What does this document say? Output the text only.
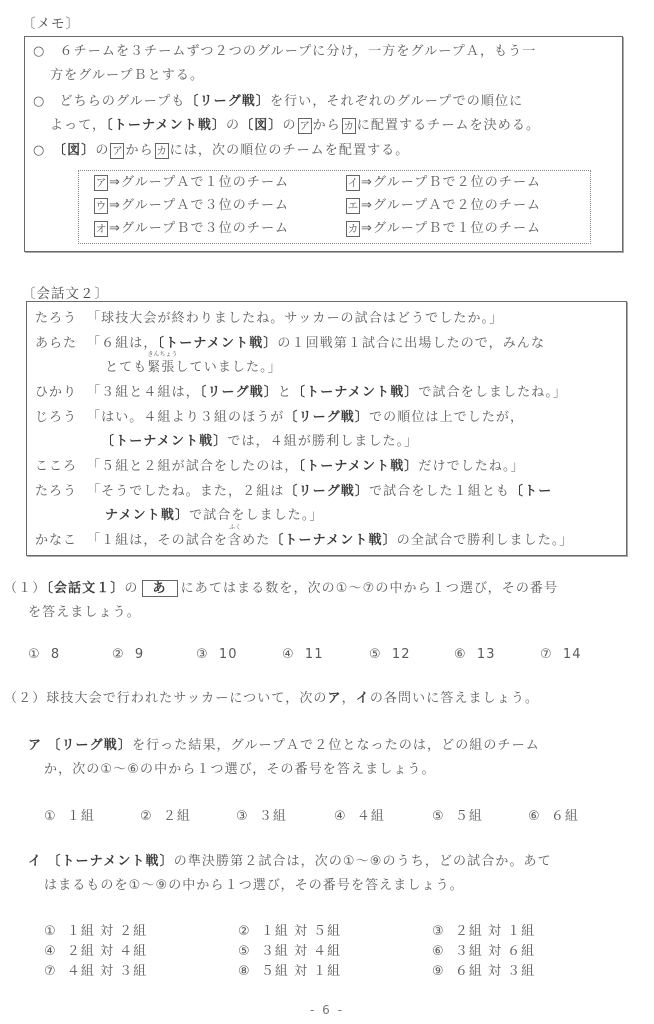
〔メモ〕
○　６チームを３チームずつ２つのグループに分け，一方をグループＡ，もう一
方をグループＢとする。
○　どちらのグループも〔リーグ戦〕を行い，それぞれのグループでの順位に
よって，〔トーナメント戦〕の〔図〕の ア から カ に配置するチームを決める。
○　〔図〕の ア から カ には，次の順位のチームを配置する。
ア ⇒グループＡで１位のチーム	イ ⇒グループＢで２位のチーム
ウ ⇒グループＡで３位のチーム	エ ⇒グループＡで２位のチーム
オ ⇒グループＢで３位のチーム	カ ⇒グループＢで１位のチーム
〔会話文２〕
たろう 「球技大会が終わりましたね。サッカーの試合はどうでしたか。」
あらた 「６組は，〔トーナメント戦〕の１回戦第１試合に出場したので，みんな
とても
きんちょう
緊張していました。」
ひかり 「３組と４組は，〔リーグ戦〕と〔トーナメント戦〕で試合をしましたね。」
じろう 「はい。４組より３組のほうが〔リーグ戦〕での順位は上でしたが，
〔トーナメント戦〕では，４組が勝利しました。」
こころ 「５組と２組が試合をしたのは，〔トーナメント戦〕だけでしたね。」
たろう 「そうでしたね。また，２組は〔リーグ戦〕で試合をした１組とも〔トー
ナメント戦〕で試合をしました。」
かなこ 「１組は，その試合を
ふく
含めた〔トーナメント戦〕の全試合で勝利しました。」
（１）〔会話文１〕の あ にあてはまる数を，次の①～⑦の中から１つ選び，その番号
を答えましょう。
① 8	② 9	③ 10	④ 11	⑤ 12	⑥ 13	⑦ 14
（２）球技大会で行われたサッカーについて，次のア，イの各問いに答えましょう。
ア 〔リーグ戦〕を行った結果，グループＡで２位となったのは，どの組のチーム
か，次の①～⑥の中から１つ選び，その番号を答えましょう。
① １組	② ２組	③ ３組	④ ４組	⑤ ５組	⑥ ６組
イ 〔トーナメント戦〕の準決勝第２試合は，次の①～⑨のうち，どの試合か。あて
はまるものを①～⑨の中から１つ選び，その番号を答えましょう。
① １組 対 ２組	② １組 対 ５組	③ ２組 対 １組
④ ２組 対 ４組	⑤ ３組 対 ４組	⑥ ３組 対 ６組
⑦ ４組 対 ３組	⑧ ５組 対 １組	⑨ ６組 対 ３組
- 6 -
